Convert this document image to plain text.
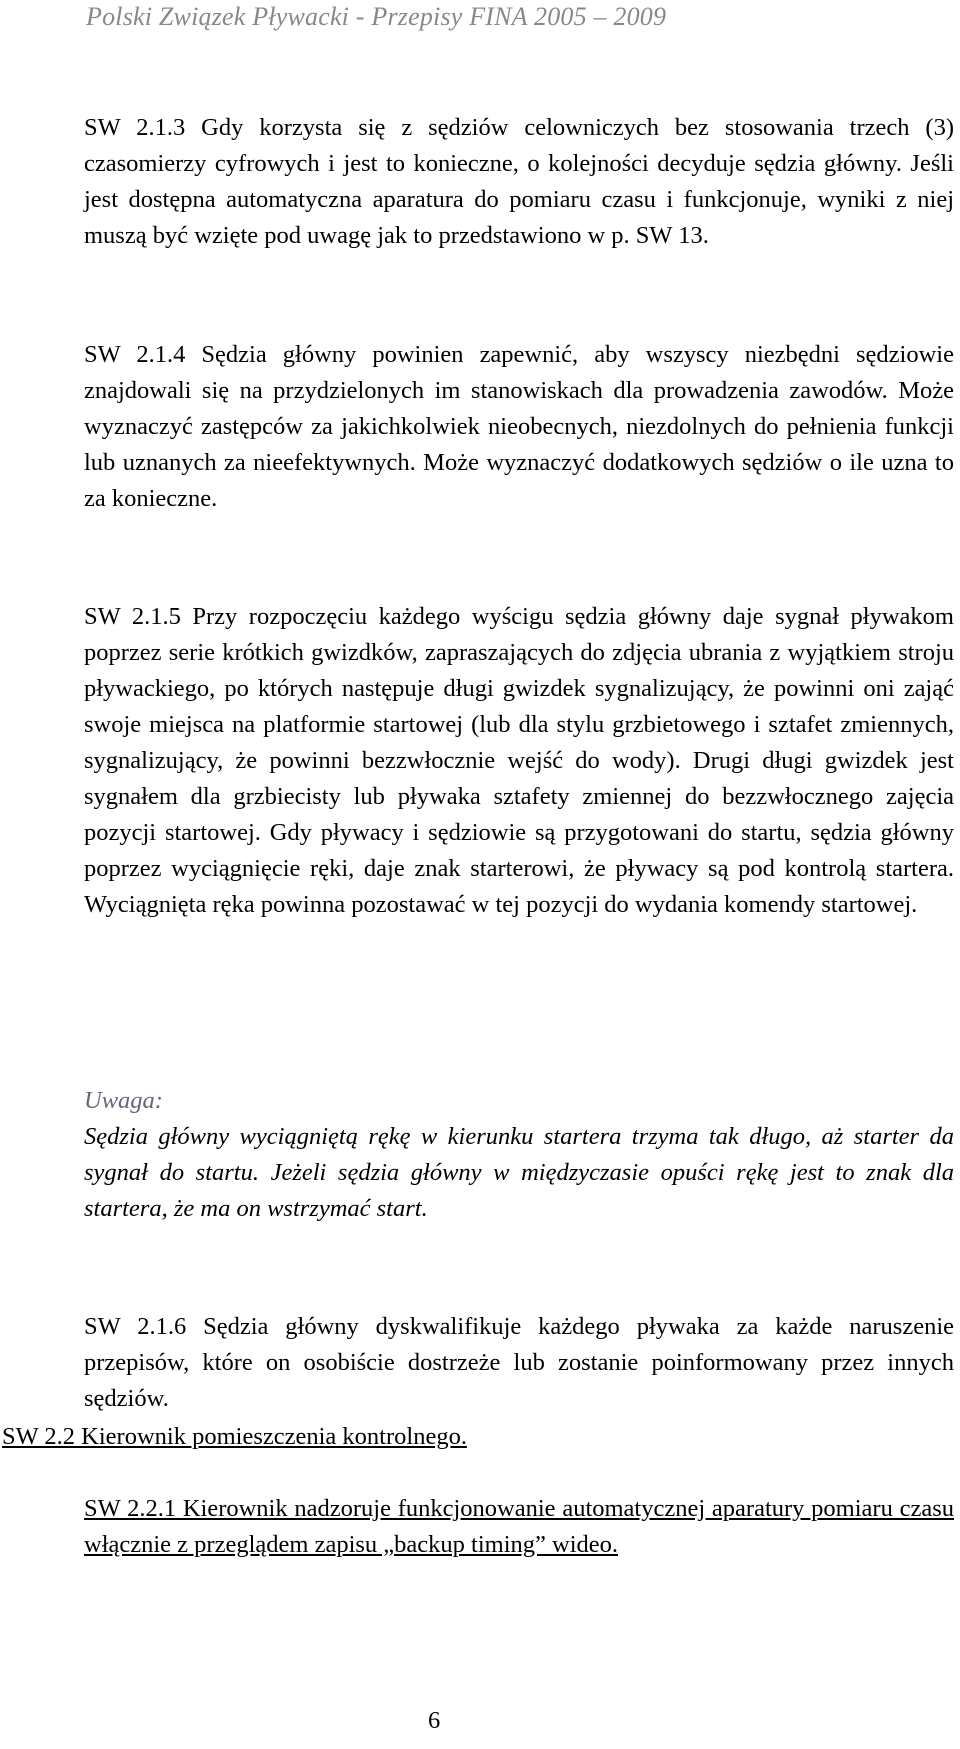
Polski Związek Pływacki - Przepisy FINA 2005 – 2009
SW 2.1.3 Gdy korzysta się z sędziów celowniczych bez stosowania trzech (3) czasomierzy cyfrowych i jest to konieczne, o kolejności decyduje sędzia główny. Jeśli jest dostępna automatyczna aparatura do pomiaru czasu i funkcjonuje, wyniki z niej muszą być wzięte pod uwagę jak to przedstawiono w p. SW 13.
SW 2.1.4 Sędzia główny powinien zapewnić, aby wszyscy niezbędni sędziowie znajdowali się na przydzielonych im stanowiskach dla prowadzenia zawodów. Może wyznaczyć zastępców za jakichkolwiek nieobecnych, niezdolnych do pełnienia funkcji lub uznanych za nieefektywnych. Może wyznaczyć dodatkowych sędziów o ile uzna to za konieczne.
SW 2.1.5 Przy rozpoczęciu każdego wyścigu sędzia główny daje sygnał pływakom poprzez serie krótkich gwizdków, zapraszających do zdjęcia ubrania z wyjątkiem stroju pływackiego, po których następuje długi gwizdek sygnalizujący, że powinni oni zająć swoje miejsca na platformie startowej (lub dla stylu grzbietowego i sztafet zmiennych, sygnalizujący, że powinni bezzwłocznie wejść do wody). Drugi długi gwizdek jest sygnałem dla grzbiecisty lub pływaka sztafety zmiennej do bezzwłocznego zajęcia pozycji startowej. Gdy pływacy i sędziowie są przygotowani do startu, sędzia główny poprzez wyciągnięcie ręki, daje znak starterowi, że pływacy są pod kontrolą startera. Wyciągnięta ręka powinna pozostawać w tej pozycji do wydania komendy startowej.
Uwaga:
Sędzia główny wyciągniętą rękę w kierunku startera trzyma tak długo, aż starter da sygnał do startu. Jeżeli sędzia główny w międzyczasie opuści rękę jest to znak dla startera, że ma on wstrzymać start.
SW 2.1.6 Sędzia główny dyskwalifikuje każdego pływaka za każde naruszenie przepisów, które on osobiście dostrzeże lub zostanie poinformowany przez innych sędziów.
SW 2.2 Kierownik pomieszczenia kontrolnego.
SW 2.2.1 Kierownik nadzoruje funkcjonowanie automatycznej aparatury pomiaru czasu włącznie z przeglądem zapisu „backup timing” wideo.
6
